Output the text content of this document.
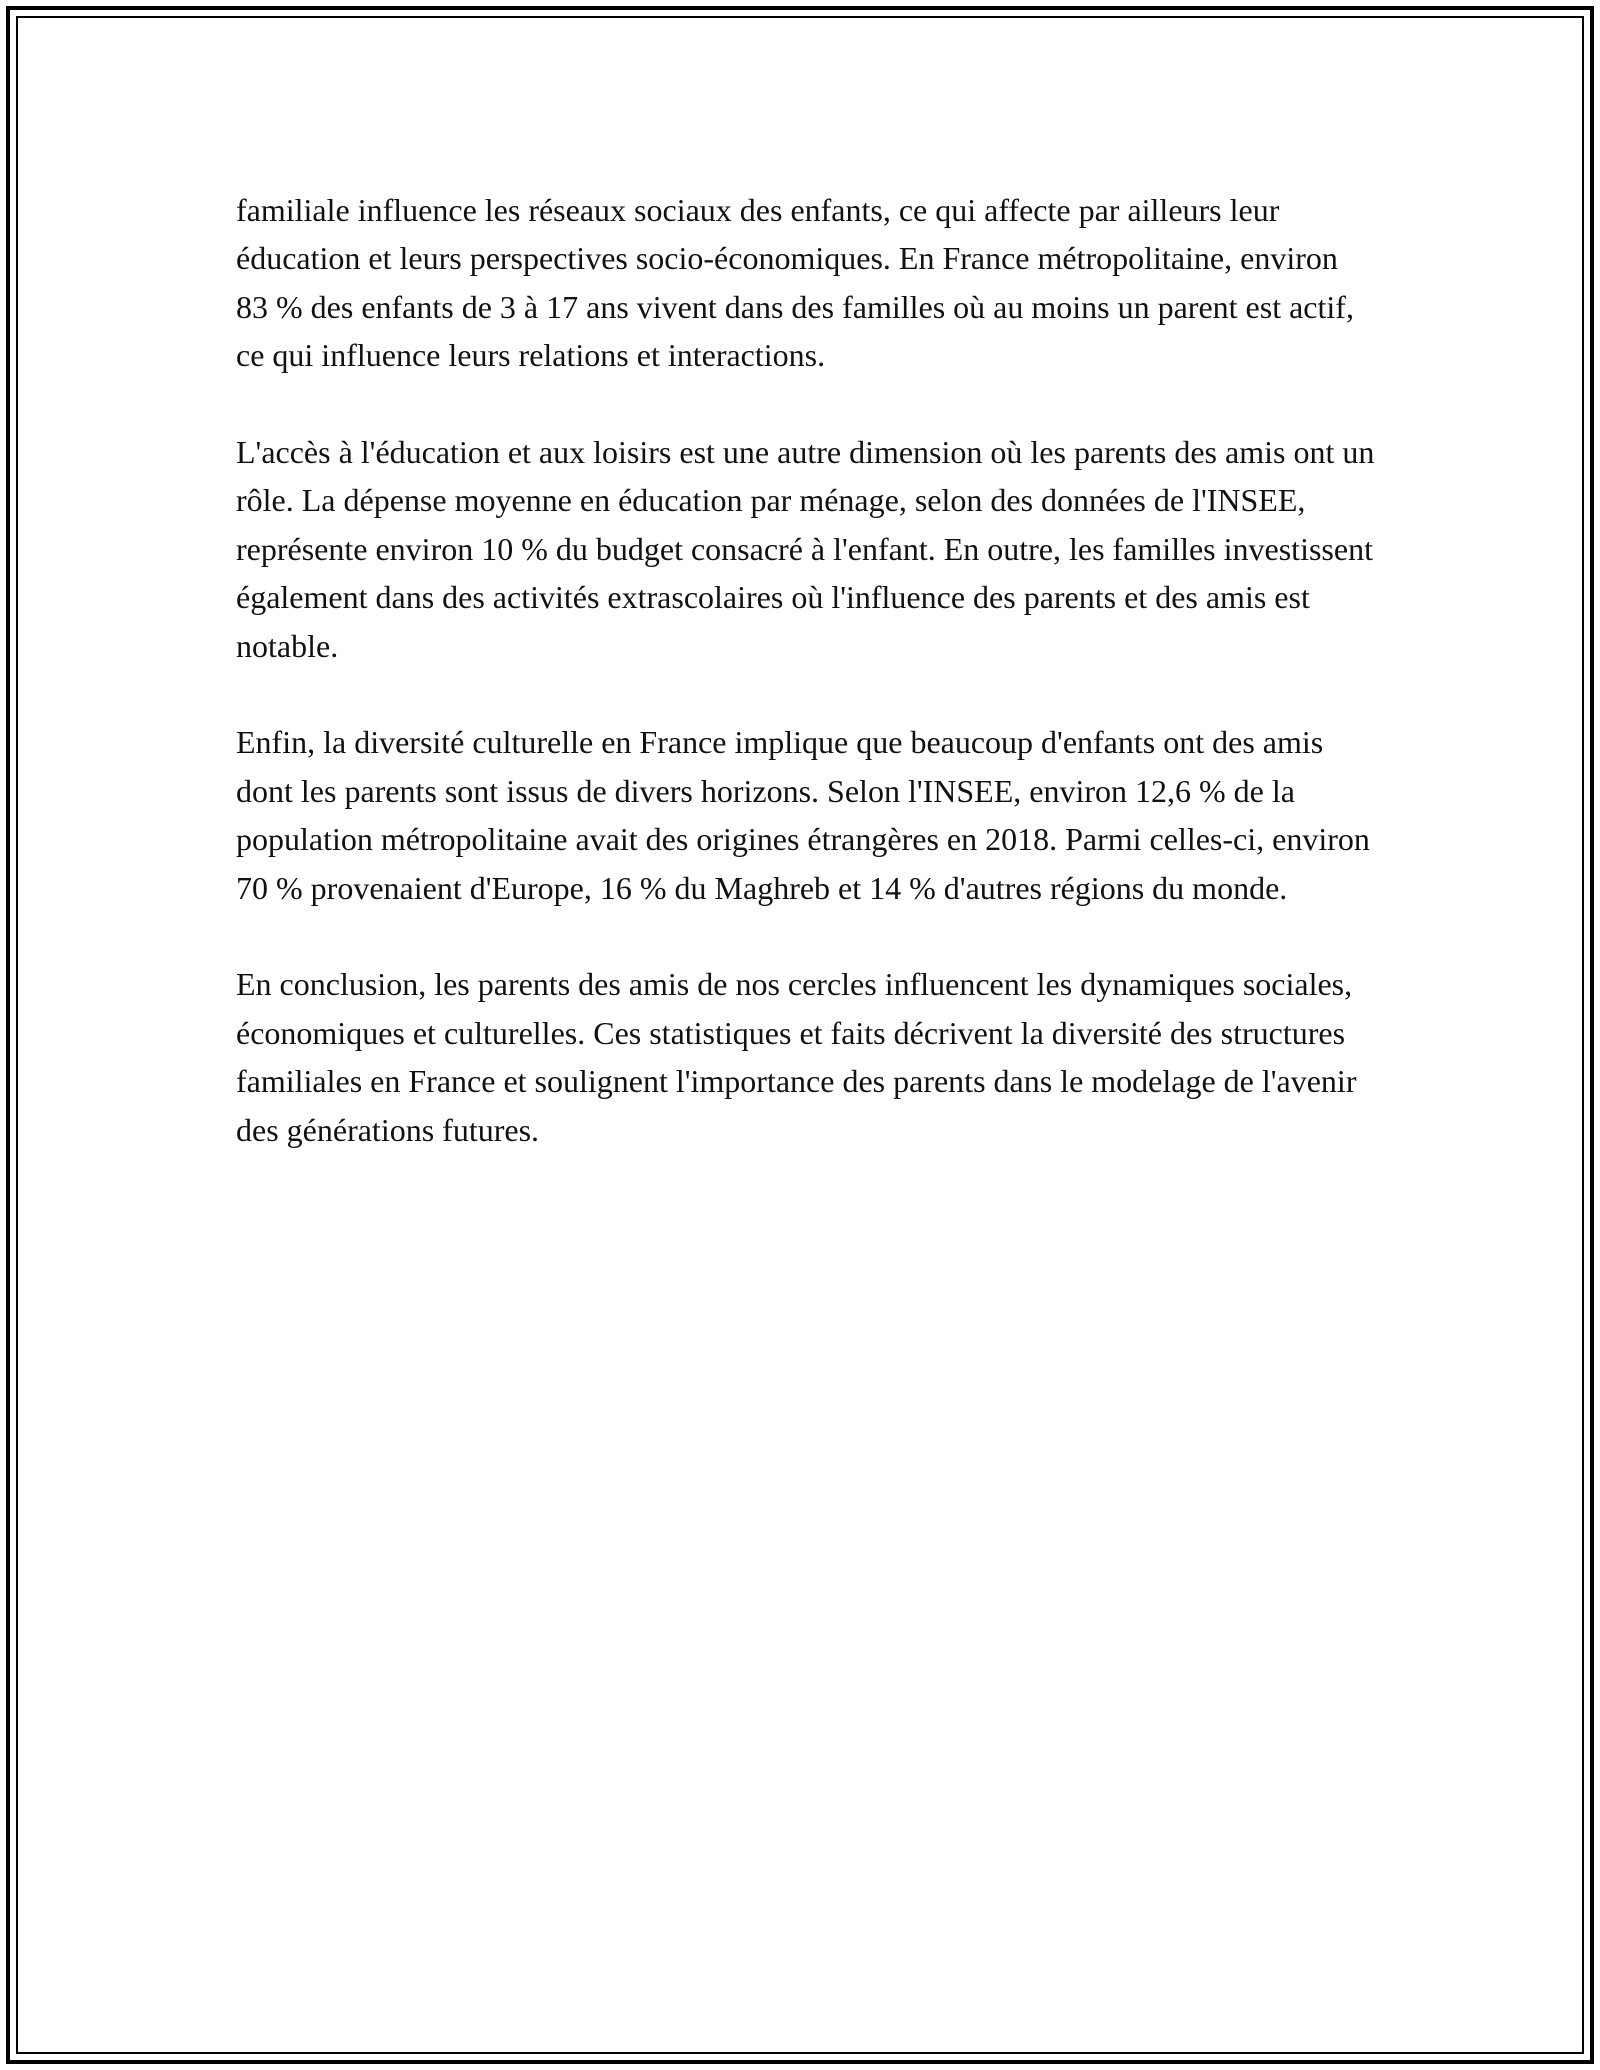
familiale influence les réseaux sociaux des enfants, ce qui affecte par ailleurs leur éducation et leurs perspectives socio-économiques. En France métropolitaine, environ 83 % des enfants de 3 à 17 ans vivent dans des familles où au moins un parent est actif, ce qui influence leurs relations et interactions.

L'accès à l'éducation et aux loisirs est une autre dimension où les parents des amis ont un rôle. La dépense moyenne en éducation par ménage, selon des données de l'INSEE, représente environ 10 % du budget consacré à l'enfant. En outre, les familles investissent également dans des activités extrascolaires où l'influence des parents et des amis est notable.

Enfin, la diversité culturelle en France implique que beaucoup d'enfants ont des amis dont les parents sont issus de divers horizons. Selon l'INSEE, environ 12,6 % de la population métropolitaine avait des origines étrangères en 2018. Parmi celles-ci, environ 70 % provenaient d'Europe, 16 % du Maghreb et 14 % d'autres régions du monde.

En conclusion, les parents des amis de nos cercles influencent les dynamiques sociales, économiques et culturelles. Ces statistiques et faits décrivent la diversité des structures familiales en France et soulignent l'importance des parents dans le modelage de l'avenir des générations futures.
